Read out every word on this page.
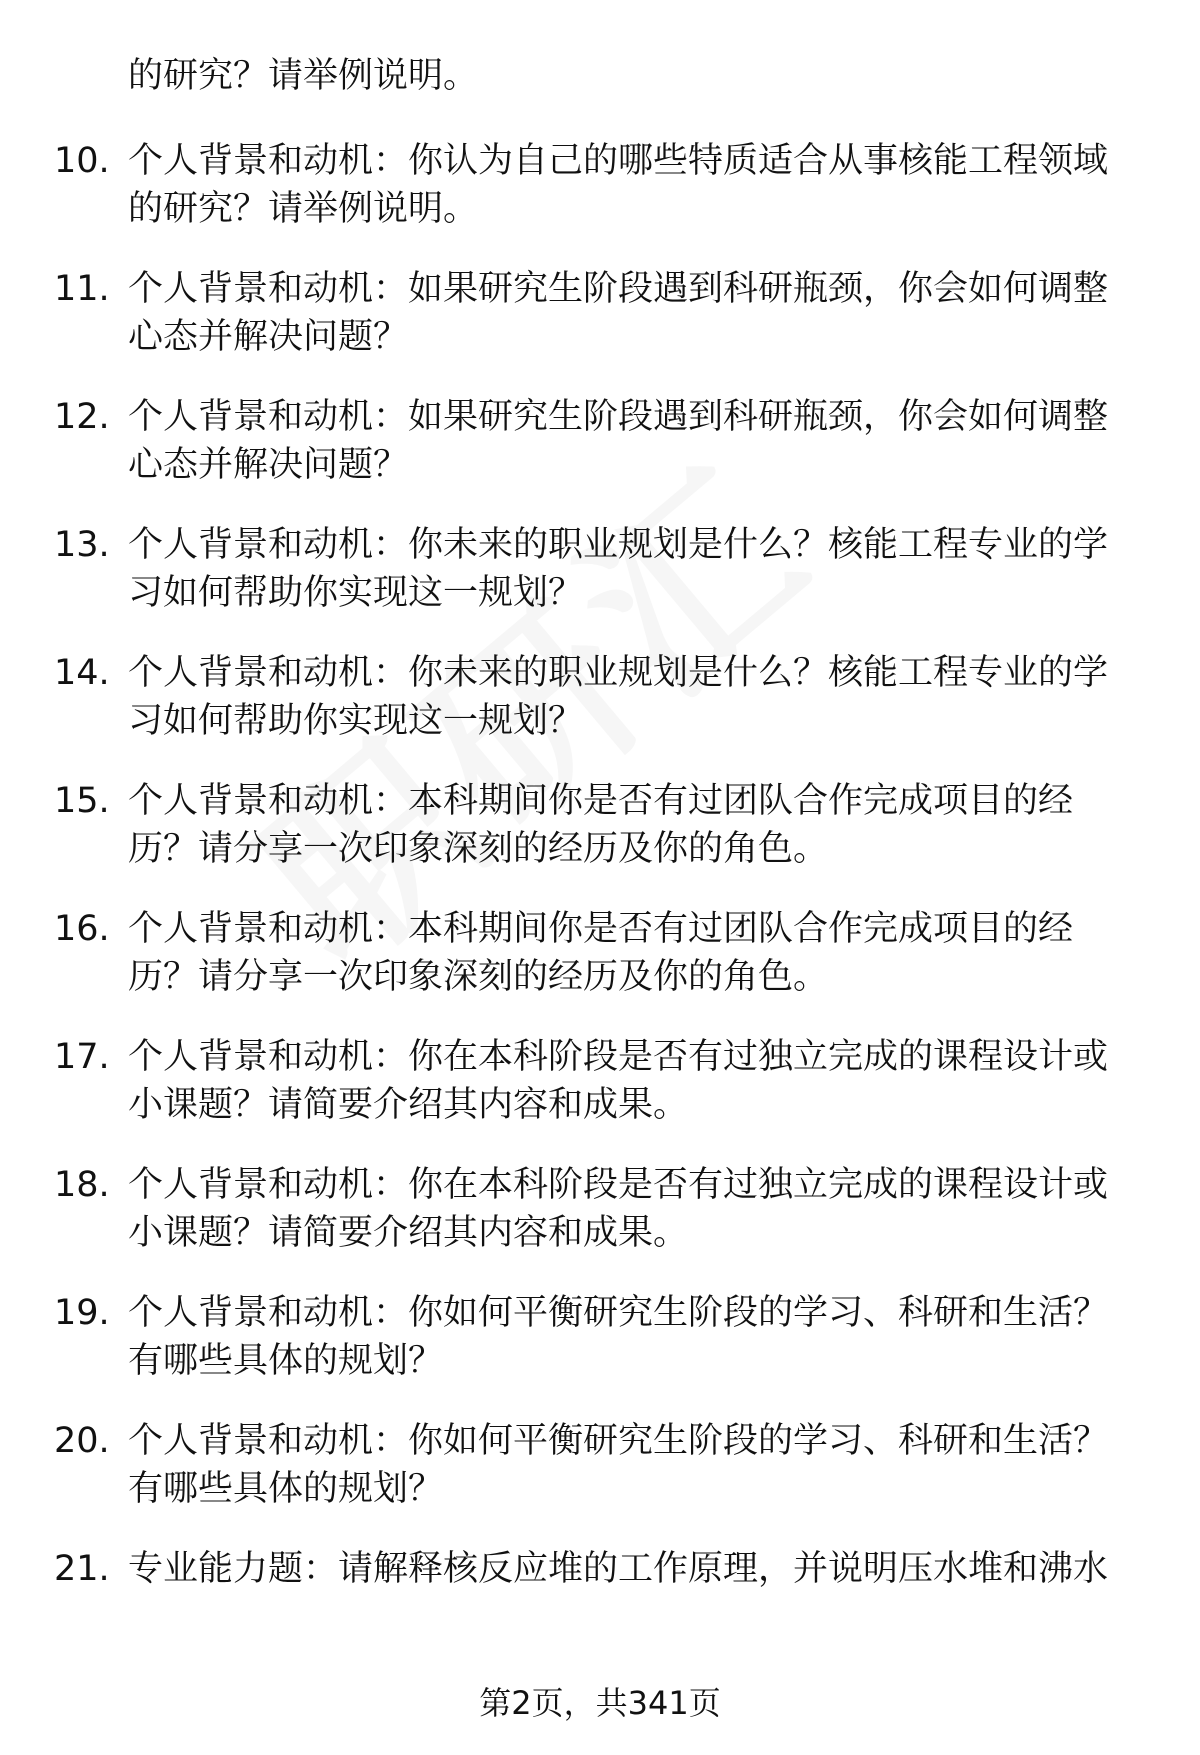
的研究？请举例说明。
10. 个人背景和动机：你认为自己的哪些特质适合从事核能工程领域
的研究？请举例说明。
11. 个人背景和动机：如果研究生阶段遇到科研瓶颈，你会如何调整
心态并解决问题？
12. 个人背景和动机：如果研究生阶段遇到科研瓶颈，你会如何调整
心态并解决问题？
13. 个人背景和动机：你未来的职业规划是什么？核能工程专业的学
习如何帮助你实现这一规划？
14. 个人背景和动机：你未来的职业规划是什么？核能工程专业的学
习如何帮助你实现这一规划？
15. 个人背景和动机：本科期间你是否有过团队合作完成项目的经
历？请分享一次印象深刻的经历及你的角色。
16. 个人背景和动机：本科期间你是否有过团队合作完成项目的经
历？请分享一次印象深刻的经历及你的角色。
17. 个人背景和动机：你在本科阶段是否有过独立完成的课程设计或
小课题？请简要介绍其内容和成果。
18. 个人背景和动机：你在本科阶段是否有过独立完成的课程设计或
小课题？请简要介绍其内容和成果。
19. 个人背景和动机：你如何平衡研究生阶段的学习、科研和生活？
有哪些具体的规划？
20. 个人背景和动机：你如何平衡研究生阶段的学习、科研和生活？
有哪些具体的规划？
21. 专业能力题：请解释核反应堆的工作原理，并说明压水堆和沸水
第2页，共341页
